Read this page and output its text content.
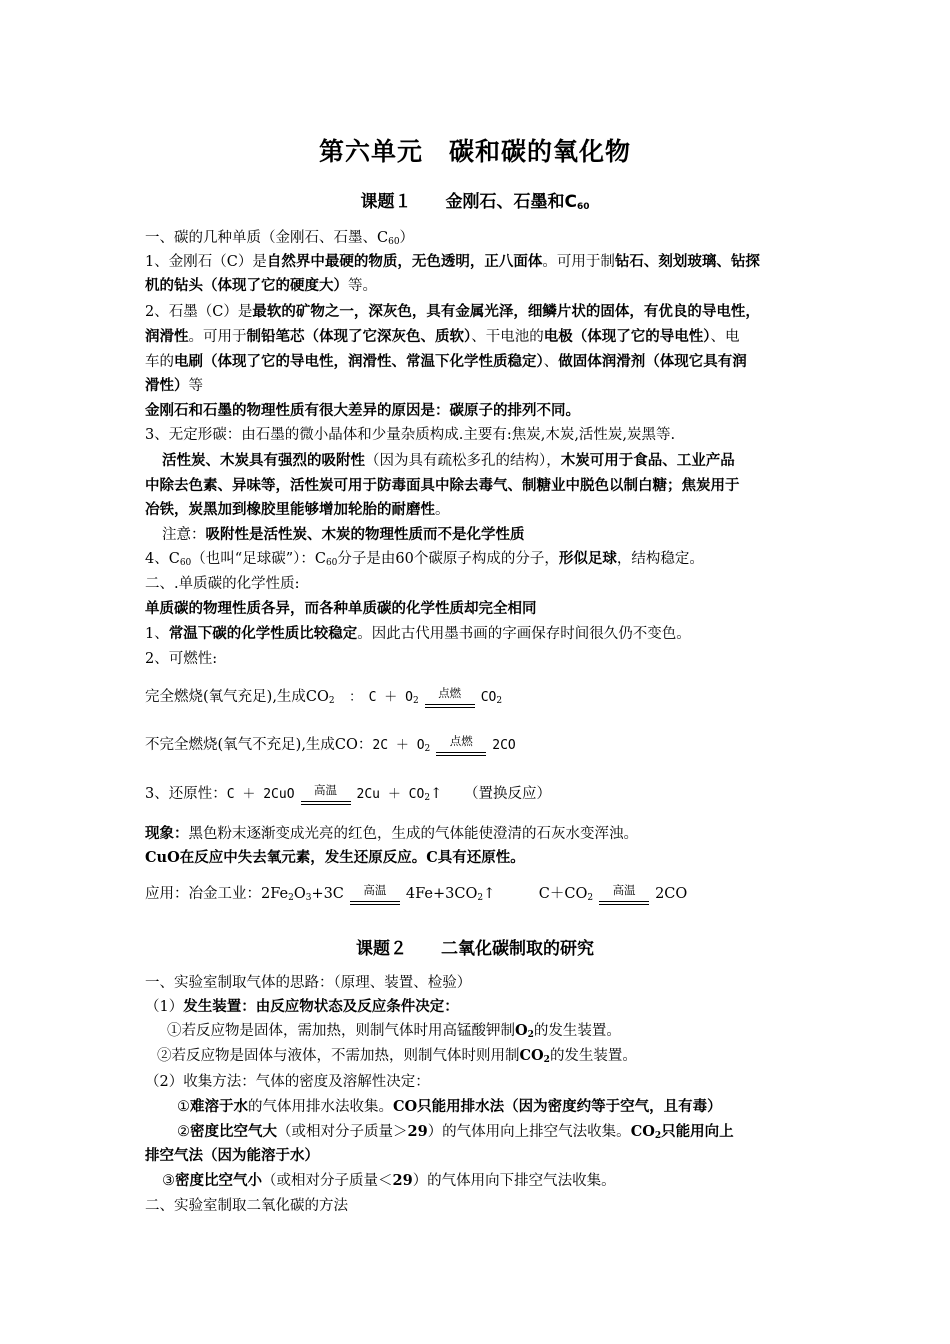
第六单元　碳和碳的氧化物
课题１　　金刚石、石墨和$C_{60}$
一、碳的几种单质（金刚石、石墨、$C_{60}$）
1、金刚石（C）是自然界中最硬的物质，无色透明，正八面体。可用于制钻石、刻划玻璃、钻探
机的钻头（体现了它的硬度大）等。
2、石墨（C）是最软的矿物之一，深灰色，具有金属光泽，细鳞片状的固体，有优良的导电性，
润滑性。可用于制铅笔芯（体现了它深灰色、质软）、干电池的电极（体现了它的导电性）、电
车的电刷（体现了它的导电性，润滑性、常温下化学性质稳定）、做固体润滑剂（体现它具有润
滑性）等
金刚石和石墨的物理性质有很大差异的原因是：碳原子的排列不同。
3、无定形碳：由石墨的微小晶体和少量杂质构成.主要有:焦炭,木炭,活性炭,炭黑等.
活性炭、木炭具有强烈的吸附性（因为具有疏松多孔的结构），木炭可用于食品、工业产品
中除去色素、异味等，活性炭可用于防毒面具中除去毒气、制糖业中脱色以制白糖；焦炭用于
冶铁，炭黑加到橡胶里能够增加轮胎的耐磨性。
注意：吸附性是活性炭、木炭的物理性质而不是化学性质
4、$C_{60}$（也叫“足球碳”）：$C_{60}$分子是由60个碳原子构成的分子，形似足球，结构稳定。
二、.单质碳的化学性质:
单质碳的物理性质各异，而各种单质碳的化学性质却完全相同
1、常温下碳的化学性质比较稳定。因此古代用墨书画的字画保存时间很久仍不变色。
2、可燃性:
完全燃烧(氧气充足),生成$CO_2$　 ：　$C + O_2$点燃 $CO_2$
不完全燃烧(氧气不充足),生成CO：$2C + O_2$点燃 2CO
3、还原性：C ＋ 2CuO 高温 $2Cu + CO_2↑$　　 （置换反应）
现象：黑色粉末逐渐变成光亮的红色，生成的气体能使澄清的石灰水变浑浊。
CuO在反应中失去氧元素，发生还原反应。C具有还原性。
应用：冶金工业：$2Fe_2O_3+3C$ 高温 $4Fe+3CO_2↑$　　　	$C+CO_2$高温 2CO
课题２　　二氧化碳制取的研究
一、实验室制取气体的思路：（原理、装置、检验）
（1）发生装置：由反应物状态及反应条件决定：
①若反应物是固体，需加热，则制气体时用高锰酸钾制$O_2$的发生装置。
②若反应物是固体与液体，不需加热，则制气体时则用制$CO_2$的发生装置。
（2）收集方法：气体的密度及溶解性决定：
①难溶于水的气体用排水法收集。CO只能用排水法（因为密度约等于空气，且有毒）
②密度比空气大（或相对分子质量＞29）的气体用向上排空气法收集。$CO_2$只能用向上
排空气法（因为能溶于水）
③密度比空气小（或相对分子质量＜29）的气体用向下排空气法收集。
二、实验室制取二氧化碳的方法
